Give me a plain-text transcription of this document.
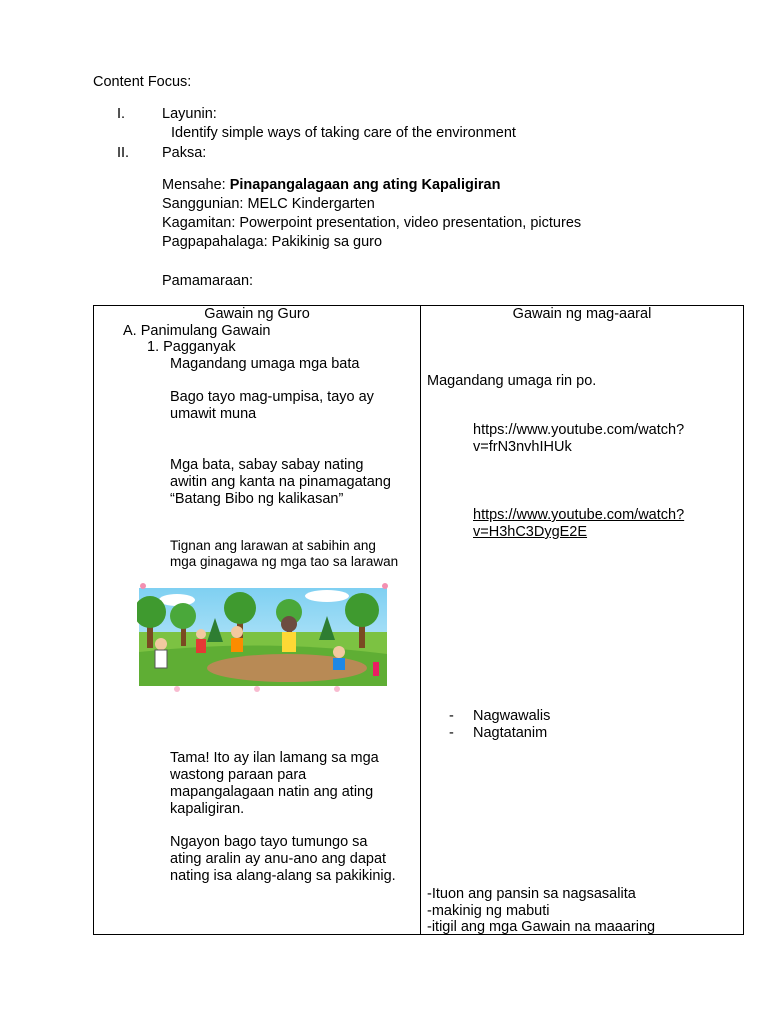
Content Focus:
I.	Layunin:
Identify simple ways of taking care of the environment
II. Paksa:
Mensahe: Pinapangalagaan ang ating Kapaligiran
Sanggunian: MELC Kindergarten
Kagamitan: Powerpoint presentation, video presentation, pictures
Pagpapahalaga: Pakikinig sa guro
Pamamaraan:
Gawain ng Guro	Gawain ng mag-aaral
A. Panimulang Gawain
1. Pagganyak
Magandang umaga mga bata
Bago tayo mag-umpisa, tayo ay
umawit muna
Mga bata, sabay sabay nating
awitin ang kanta na pinamagatang
“Batang Bibo ng kalikasan”
Tignan ang larawan at sabihin ang
mga ginagawa ng mga tao sa larawan
Tama! Ito ay ilan lamang sa mga
wastong paraan para
mapangalagaan natin ang ating
kapaligiran.
Ngayon bago tayo tumungo sa
ating aralin ay anu-ano ang dapat
nating isa alang-alang sa pakikinig.
Magandang umaga rin po.
https://www.youtube.com/watch?
v=frN3nvhIHUk
https://www.youtube.com/watch?
v=H3hC3DygE2E
- Nagwawalis
- Nagtatanim
-Ituon ang pansin sa nagsasalita
-makinig ng mabuti
-itigil ang mga Gawain na maaaring
